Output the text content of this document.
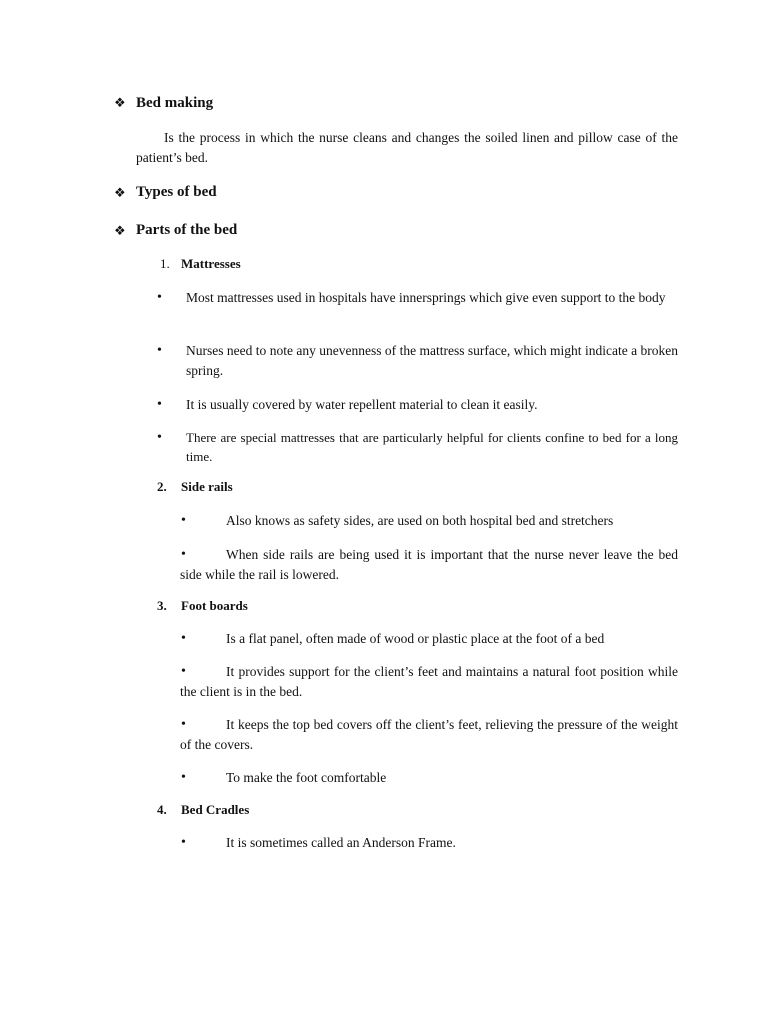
❖ Bed making
Is the process in which the nurse cleans and changes the soiled linen and pillow case of the patient’s bed.
❖ Types of bed
❖ Parts of the bed
1. Mattresses
• Most mattresses used in hospitals have innersprings which give even support to the body
• Nurses need to note any unevenness of the mattress surface, which might indicate a broken spring.
• It is usually covered by water repellent material to clean it easily.
• There are special mattresses that are particularly helpful for clients confine to bed for a long time.
2. Side rails
•	Also knows as safety sides, are used on both hospital bed and stretchers
•	When side rails are being used it is important that the nurse never leave the bed side while the rail is lowered.
3. Foot boards
•	Is a flat panel, often made of wood or plastic place at the foot of a bed
•	It provides support for the client’s feet and maintains a natural foot position while the client is in the bed.
•	It keeps the top bed covers off the client’s feet, relieving the pressure of the weight of the covers.
•	To make the foot comfortable
4. Bed Cradles
•	It is sometimes called an Anderson Frame.
